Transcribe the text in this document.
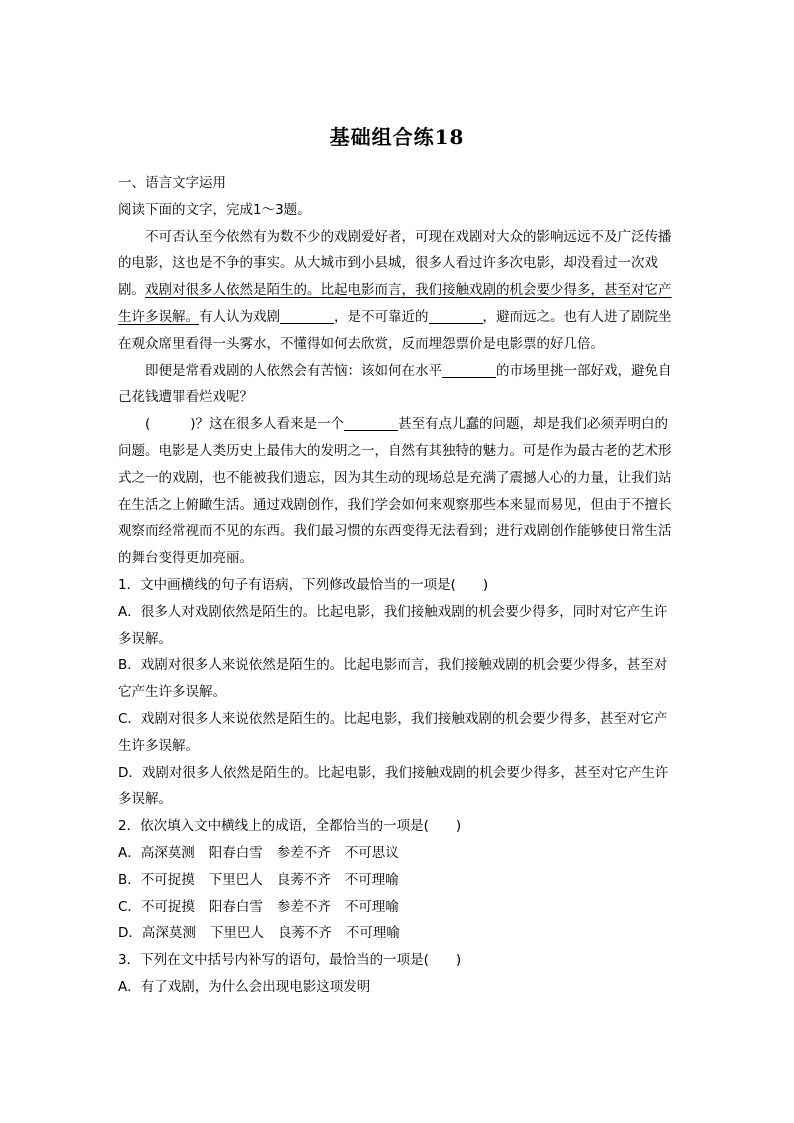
基础组合练18

一、语言文字运用

阅读下面的文字，完成1～3题。

不可否认至今依然有为数不少的戏剧爱好者，可现在戏剧对大众的影响远远不及广泛传播的电影，这也是不争的事实。从大城市到小县城，很多人看过许多次电影，却没看过一次戏剧。戏剧对很多人依然是陌生的。比起电影而言，我们接触戏剧的机会要少得多，甚至对它产生许多误解。有人认为戏剧	，是不可靠近的	，避而远之。也有人进了剧院坐在观众席里看得一头雾水，不懂得如何去欣赏，反而埋怨票价是电影票的好几倍。

即便是常看戏剧的人依然会有苦恼：该如何在水平	的市场里挑一部好戏，避免自己花钱遭罪看烂戏呢？

(	)？这在很多人看来是一个	甚至有点儿蠢的问题，却是我们必须弄明白的问题。电影是人类历史上最伟大的发明之一，自然有其独特的魅力。可是作为最古老的艺术形式之一的戏剧，也不能被我们遗忘，因为其生动的现场总是充满了震撼人心的力量，让我们站在生活之上俯瞰生活。通过戏剧创作，我们学会如何来观察那些本来显而易见，但由于不擅长观察而经常视而不见的东西。我们最习惯的东西变得无法看到；进行戏剧创作能够使日常生活的舞台变得更加亮丽。

1．文中画横线的句子有语病，下列修改最恰当的一项是(　　)

A．很多人对戏剧依然是陌生的。比起电影，我们接触戏剧的机会要少得多，同时对它产生许多误解。

B．戏剧对很多人来说依然是陌生的。比起电影而言，我们接触戏剧的机会要少得多，甚至对它产生许多误解。

C．戏剧对很多人来说依然是陌生的。比起电影，我们接触戏剧的机会要少得多，甚至对它产生许多误解。

D．戏剧对很多人依然是陌生的。比起电影，我们接触戏剧的机会要少得多，甚至对它产生许多误解。

2．依次填入文中横线上的成语，全都恰当的一项是(　　)

A．高深莫测 阳春白雪 参差不齐 不可思议

B．不可捉摸 下里巴人 良莠不齐 不可理喻

C．不可捉摸 阳春白雪 参差不齐 不可理喻

D．高深莫测 下里巴人 良莠不齐 不可理喻

3．下列在文中括号内补写的语句，最恰当的一项是(　　)

A．有了戏剧，为什么会出现电影这项发明
